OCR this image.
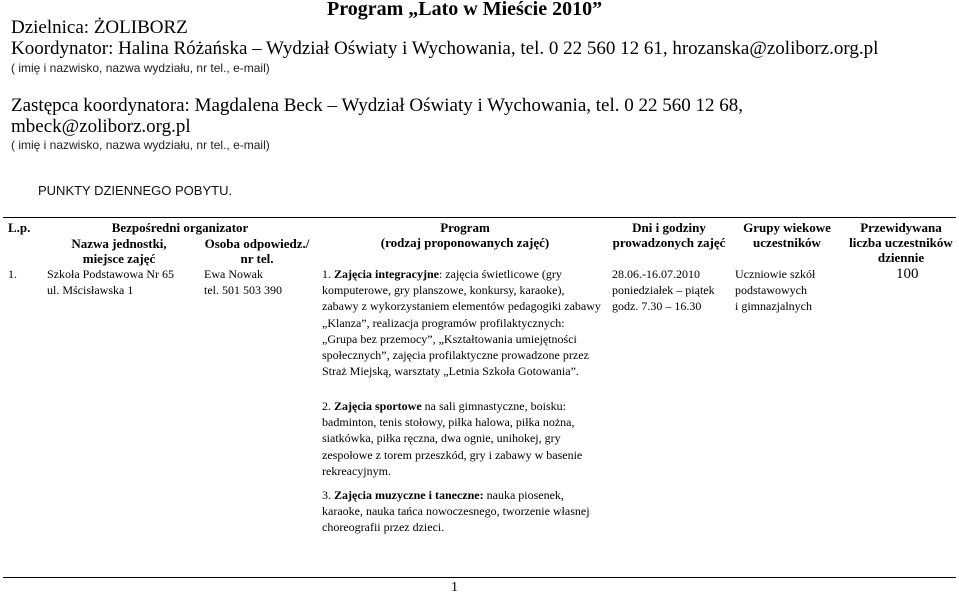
Program „Lato w Mieście 2010”
Dzielnica: ŻOLIBORZ
Koordynator: Halina Różańska – Wydział Oświaty i Wychowania, tel. 0 22 560 12 61, hrozanska@zoliborz.org.pl
( imię i nazwisko, nazwa wydziału, nr tel., e-mail)
Zastępca koordynatora: Magdalena Beck – Wydział Oświaty i Wychowania, tel. 0 22 560 12 68,
mbeck@zoliborz.org.pl
( imię i nazwisko, nazwa wydziału, nr tel., e-mail)
PUNKTY DZIENNEGO POBYTU.
L.p.	Bezpośredni organizator
Nazwa jednostki,
miejsce zajęć
Osoba odpowiedz./
nr tel.
Program
(rodzaj proponowanych zajęć)
Dni i godziny
prowadzonych zajęć
Grupy wiekowe
uczestników
Przewidywana
liczba uczestników
dziennie
1.	Szkoła Podstawowa Nr 65
ul. Mścisławska 1
Ewa Nowak
tel. 501 503 390
1. Zajęcia integracyjne: zajęcia świetlicowe (gry komputerowe, gry planszowe, konkursy, karaoke), zabawy z wykorzystaniem elementów pedagogiki zabawy „Klanza”, realizacja programów profilaktycznych: „Grupa bez przemocy”, „Kształtowania umiejętności społecznych”, zajęcia profilaktyczne prowadzone przez Straż Miejską, warsztaty „Letnia Szkoła Gotowania”.
2. Zajęcia sportowe na sali gimnastyczne, boisku: badminton, tenis stołowy, piłka halowa, piłka nożna, siatkówka, piłka ręczna, dwa ognie, unihokej, gry zespołowe z torem przeszkód, gry i zabawy w basenie rekreacyjnym.
3. Zajęcia muzyczne i taneczne: nauka piosenek, karaoke, nauka tańca nowoczesnego, tworzenie własnej choreografii przez dzieci.
28.06.-16.07.2010
poniedziałek – piątek
godz. 7.30 – 16.30
Uczniowie szkół
podstawowych
i gimnazjalnych
100
1
